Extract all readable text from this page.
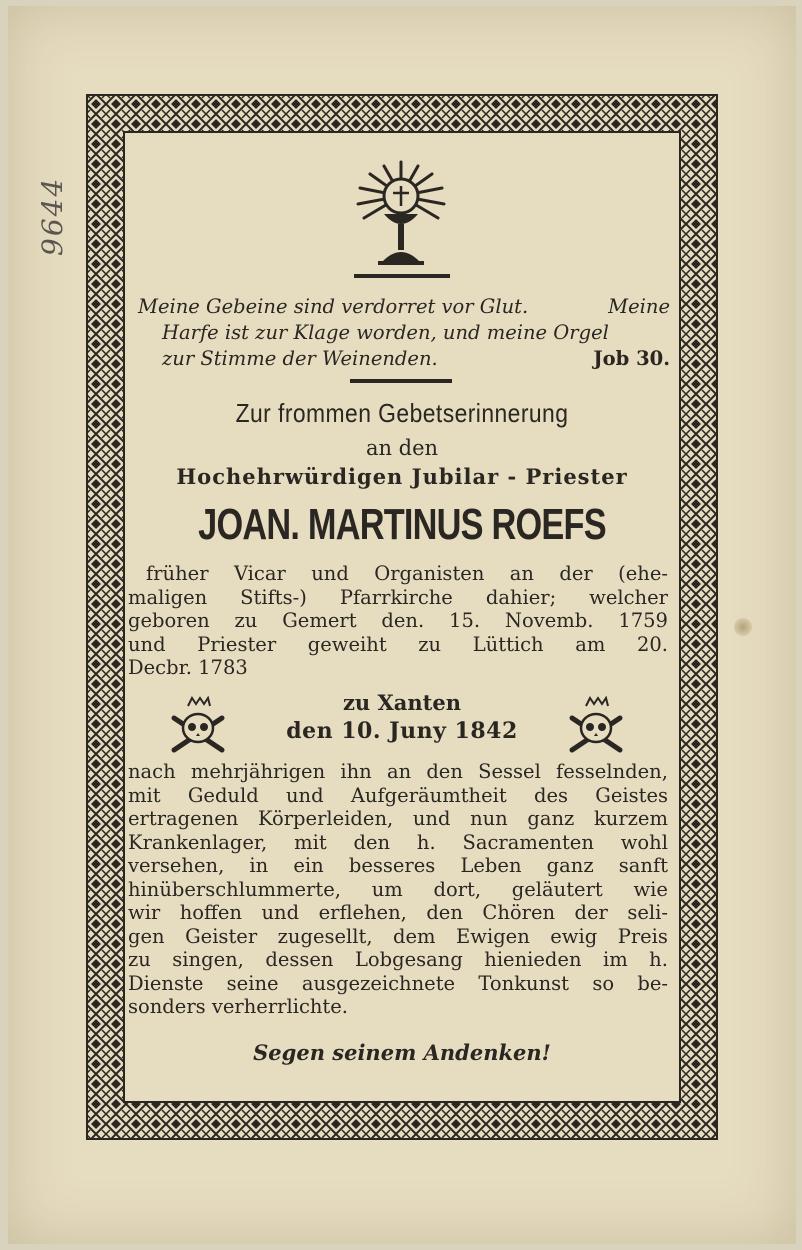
9644
Meine Gebeine sind verdorret vor Glut.	Meine
Harfe ist zur Klage worden, und meine Orgel
zur Stimme der Weinenden.	Job 30.
Zur frommen Gebetserinnerung
an den
Hochehrwürdigen Jubilar - Priester
JOAN. MARTINUS ROEFS
früher Vicar und Organisten an der (ehe-
maligen Stifts-) Pfarrkirche dahier; welcher
geboren zu Gemert den. 15. Novemb. 1759
und Priester geweiht zu Lüttich am 20.
Decbr. 1783
zu Xanten
den 10. Juny 1842
nach mehrjährigen ihn an den Sessel fesselnden,
mit Geduld und Aufgeräumtheit des Geistes
ertragenen Körperleiden, und nun ganz kurzem
Krankenlager, mit den h. Sacramenten wohl
versehen, in ein besseres Leben ganz sanft
hinüberschlummerte, um dort, geläutert wie
wir hoffen und erflehen, den Chören der seli-
gen Geister zugesellt, dem Ewigen ewig Preis
zu singen, dessen Lobgesang hienieden im h.
Dienste seine ausgezeichnete Tonkunst so be-
sonders verherrlichte.
Segen seinem Andenken!
